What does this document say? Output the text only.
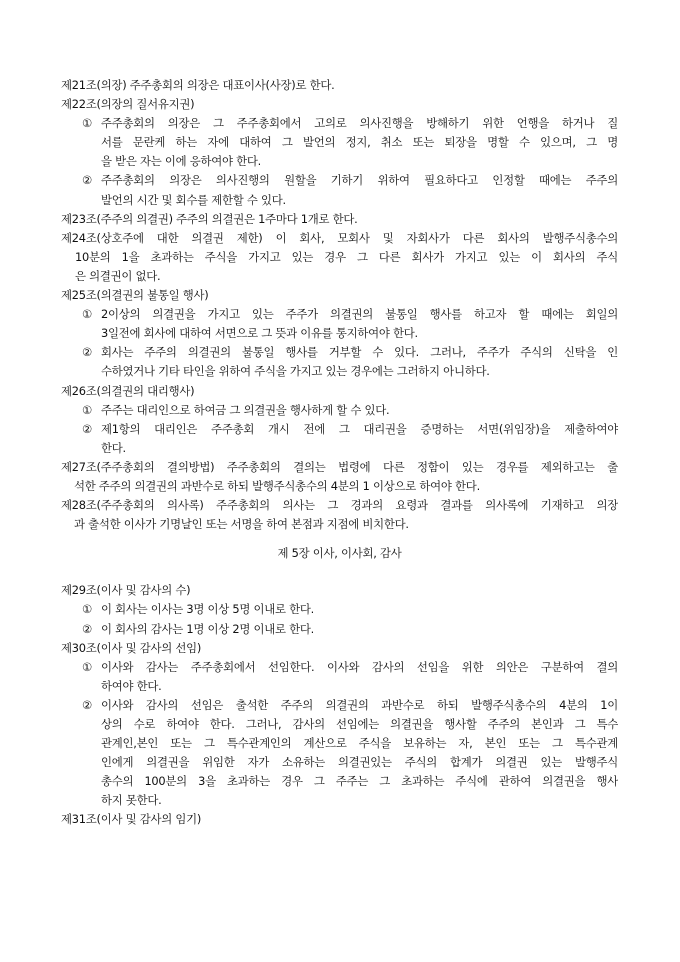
제21조(의장) 주주총회의 의장은 대표이사(사장)로 한다.
제22조(의장의 질서유지권)
① 주주총회의 의장은 그 주주총회에서 고의로 의사진행을 방해하기 위한 언행을 하거나 질
서를 문란케 하는 자에 대하여 그 발언의 정지, 취소 또는 퇴장을 명할 수 있으며, 그 명
을 받은 자는 이에 응하여야 한다.
② 주주총회의 의장은 의사진행의 원할을 기하기 위하여 필요하다고 인정할 때에는 주주의
발언의 시간 및 회수를 제한할 수 있다.
제23조(주주의 의결권) 주주의 의결권은 1주마다 1개로 한다.
제24조(상호주에 대한 의결권 제한) 이 회사, 모회사 및 자회사가 다른 회사의 발행주식총수의
10분의 1을 초과하는 주식을 가지고 있는 경우 그 다른 회사가 가지고 있는 이 회사의 주식
은 의결권이 없다.
제25조(의결권의 불통일 행사)
① 2이상의 의결권을 가지고 있는 주주가 의결권의 불통일 행사를 하고자 할 때에는 회일의
3일전에 회사에 대하여 서면으로 그 뜻과 이유를 통지하여야 한다.
② 회사는 주주의 의결권의 불통일 행사를 거부할 수 있다. 그러나, 주주가 주식의 신탁을 인
수하였거나 기타 타인을 위하여 주식을 가지고 있는 경우에는 그러하지 아니하다.
제26조(의결권의 대리행사)
① 주주는 대리인으로 하여금 그 의결권을 행사하게 할 수 있다.
② 제1항의 대리인은 주주총회 개시 전에 그 대리권을 증명하는 서면(위임장)을 제출하여야
한다.
제27조(주주총회의 결의방법) 주주총회의 결의는 법령에 다른 정함이 있는 경우를 제외하고는 출
석한 주주의 의결권의 과반수로 하되 발행주식총수의 4분의 1 이상으로 하여야 한다.
제28조(주주총회의 의사록) 주주총회의 의사는 그 경과의 요령과 결과를 의사록에 기재하고 의장
과 출석한 이사가 기명날인 또는 서명을 하여 본점과 지점에 비치한다.
제 5장 이사, 이사회, 감사
제29조(이사 및 감사의 수)
① 이 회사는 이사는 3명 이상 5명 이내로 한다.
② 이 회사의 감사는 1명 이상 2명 이내로 한다.
제30조(이사 및 감사의 선임)
① 이사와 감사는 주주총회에서 선임한다. 이사와 감사의 선임을 위한 의안은 구분하여 결의
하여야 한다.
② 이사와 감사의 선임은 출석한 주주의 의결권의 과반수로 하되 발행주식총수의 4분의 1이
상의 수로 하여야 한다. 그러나, 감사의 선임에는 의결권을 행사할 주주의 본인과 그 특수
관계인,본인 또는 그 특수관계인의 계산으로 주식을 보유하는 자, 본인 또는 그 특수관계
인에게 의결권을 위임한 자가 소유하는 의결권있는 주식의 합계가 의결권 있는 발행주식
총수의 100분의 3을 초과하는 경우 그 주주는 그 초과하는 주식에 관하여 의결권을 행사
하지 못한다.
제31조(이사 및 감사의 임기)
